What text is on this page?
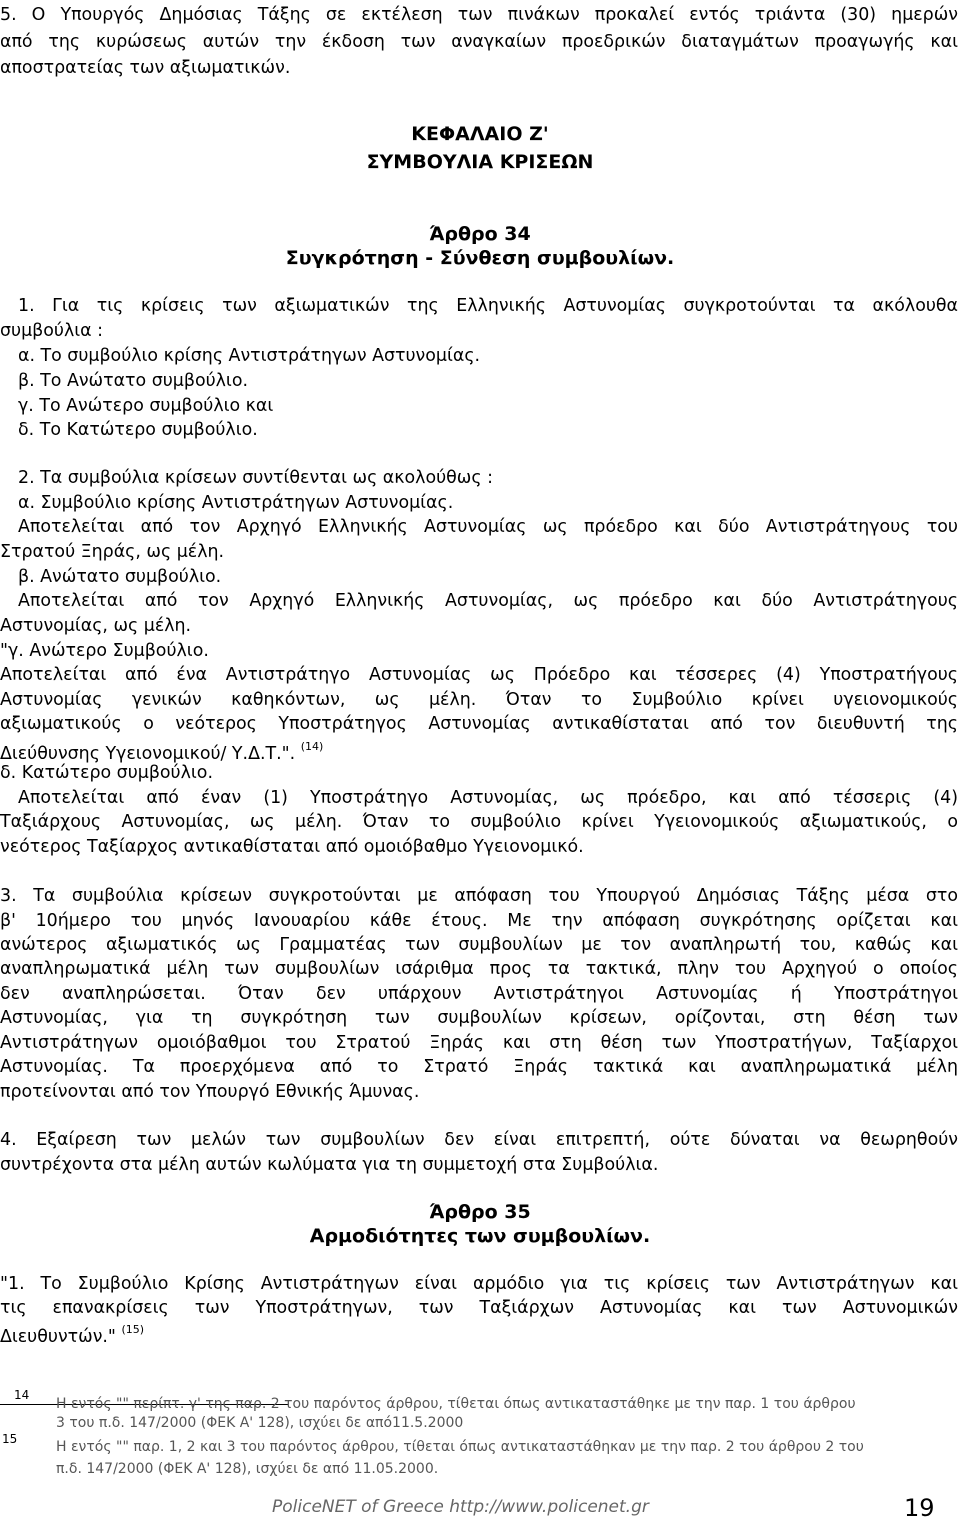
5. Ο Υπουργός Δημόσιας Τάξης σε εκτέλεση των πινάκων προκαλεί εντός τριάντα (30) ημερών
από της κυρώσεως αυτών την έκδοση των αναγκαίων προεδρικών διαταγμάτων προαγωγής και
αποστρατείας των αξιωματικών.
ΚΕΦΑΛΑΙΟ Ζ'
ΣΥΜΒΟΥΛΙΑ ΚΡΙΣΕΩΝ
Άρθρο 34
Συγκρότηση - Σύνθεση συμβουλίων.
1. Για τις κρίσεις των αξιωματικών της Ελληνικής Αστυνομίας συγκροτούνται τα ακόλουθα
συμβούλια :
α. Το συμβούλιο κρίσης Αντιστράτηγων Αστυνομίας.
β. Το Ανώτατο συμβούλιο.
γ. Το Ανώτερο συμβούλιο και
δ. Το Κατώτερο συμβούλιο.
2. Τα συμβούλια κρίσεων συντίθενται ως ακολούθως :
α. Συμβούλιο κρίσης Αντιστράτηγων Αστυνομίας.
Αποτελείται από τον Αρχηγό Ελληνικής Αστυνομίας ως πρόεδρο και δύο Αντιστράτηγους του
Στρατού Ξηράς, ως μέλη.
β. Ανώτατο συμβούλιο.
Αποτελείται από τον Αρχηγό Ελληνικής Αστυνομίας, ως πρόεδρο και δύο Αντιστράτηγους
Αστυνομίας, ως μέλη.
"γ. Ανώτερο Συμβούλιο.
Αποτελείται από ένα Αντιστράτηγο Αστυνομίας ως Πρόεδρο και τέσσερες (4) Υποστρατήγους
Αστυνομίας γενικών καθηκόντων, ως μέλη. Όταν το Συμβούλιο κρίνει υγειονομικούς
αξιωματικούς ο νεότερος Υποστράτηγος Αστυνομίας αντικαθίσταται από τον διευθυντή της
Διεύθυνσης Υγειονομικού/ Υ.Δ.Τ.". $^{(14)}$
δ. Κατώτερο συμβούλιο.
Αποτελείται από έναν (1) Υποστράτηγο Αστυνομίας, ως πρόεδρο, και από τέσσερις (4)
Ταξιάρχους Αστυνομίας, ως μέλη. Όταν το συμβούλιο κρίνει Υγειονομικούς αξιωματικούς, ο
νεότερος Ταξίαρχος αντικαθίσταται από ομοιόβαθμο Υγειονομικό.
3. Τα συμβούλια κρίσεων συγκροτούνται με απόφαση του Υπουργού Δημόσιας Τάξης μέσα στο
β' 10ήμερο του μηνός Ιανουαρίου κάθε έτους. Με την απόφαση συγκρότησης ορίζεται και
ανώτερος αξιωματικός ως Γραμματέας των συμβουλίων με τον αναπληρωτή του, καθώς και
αναπληρωματικά μέλη των συμβουλίων ισάριθμα προς τα τακτικά, πλην του Αρχηγού ο οποίος
δεν αναπληρώσεται. Όταν δεν υπάρχουν Αντιστράτηγοι Αστυνομίας ή Υποστράτηγοι
Αστυνομίας, για τη συγκρότηση των συμβουλίων κρίσεων, ορίζονται, στη θέση των
Αντιστράτηγων ομοιόβαθμοι του Στρατού Ξηράς και στη θέση των Υποστρατήγων, Ταξίαρχοι
Αστυνομίας. Τα προερχόμενα από το Στρατό Ξηράς τακτικά και αναπληρωματικά μέλη
προτείνονται από τον Υπουργό Εθνικής Άμυνας.
4. Εξαίρεση των μελών των συμβουλίων δεν είναι επιτρεπτή, ούτε δύναται να θεωρηθούν
συντρέχοντα στα μέλη αυτών κωλύματα για τη συμμετοχή στα Συμβούλια.
Άρθρο 35
Αρμοδιότητες των συμβουλίων.
"1. Το Συμβούλιο Κρίσης Αντιστράτηγων είναι αρμόδιο για τις κρίσεις των Αντιστράτηγων και
τις επανακρίσεις των Υποστράτηγων, των Ταξιάρχων Αστυνομίας και των Αστυνομικών
Διευθυντών." $^{(15)}$
14
Η εντός "" περίπτ. γ' της παρ. 2 του παρόντος άρθρου, τίθεται όπως αντικαταστάθηκε με την παρ. 1 του άρθρου
3 του π.δ. 147/2000 (ΦΕΚ Α' 128), ισχύει δε από11.5.2000
15	Η εντός "" παρ. 1, 2 και 3 του παρόντος άρθρου, τίθεται όπως αντικαταστάθηκαν με την παρ. 2 του άρθρου 2 του
π.δ. 147/2000 (ΦΕΚ Α' 128), ισχύει δε από 11.05.2000.
PoliceNET of Greece http://www.policenet.gr	19
